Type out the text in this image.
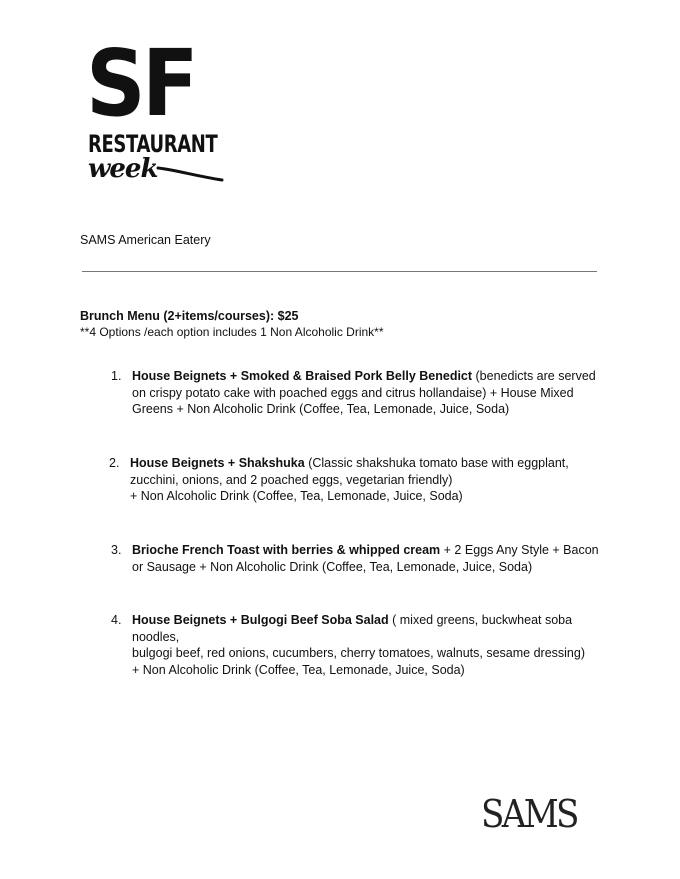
SF
RESTAURANT
week
SAMS American Eatery
Brunch Menu (2+items/courses): $25
**4 Options /each option includes 1 Non Alcoholic Drink**
1. House Beignets + Smoked & Braised Pork Belly Benedict (benedicts are served
on crispy potato cake with poached eggs and citrus hollandaise) + House Mixed
Greens + Non Alcoholic Drink (Coffee, Tea, Lemonade, Juice, Soda)
2. House Beignets + Shakshuka (Classic shakshuka tomato base with eggplant,
zucchini, onions, and 2 poached eggs, vegetarian friendly)
+ Non Alcoholic Drink (Coffee, Tea, Lemonade, Juice, Soda)
3. Brioche French Toast with berries & whipped cream + 2 Eggs Any Style + Bacon
or Sausage + Non Alcoholic Drink (Coffee, Tea, Lemonade, Juice, Soda)
4. House Beignets + Bulgogi Beef Soba Salad ( mixed greens, buckwheat soba noodles,
bulgogi beef, red onions, cucumbers, cherry tomatoes, walnuts, sesame dressing)
+ Non Alcoholic Drink (Coffee, Tea, Lemonade, Juice, Soda)
SAMS
